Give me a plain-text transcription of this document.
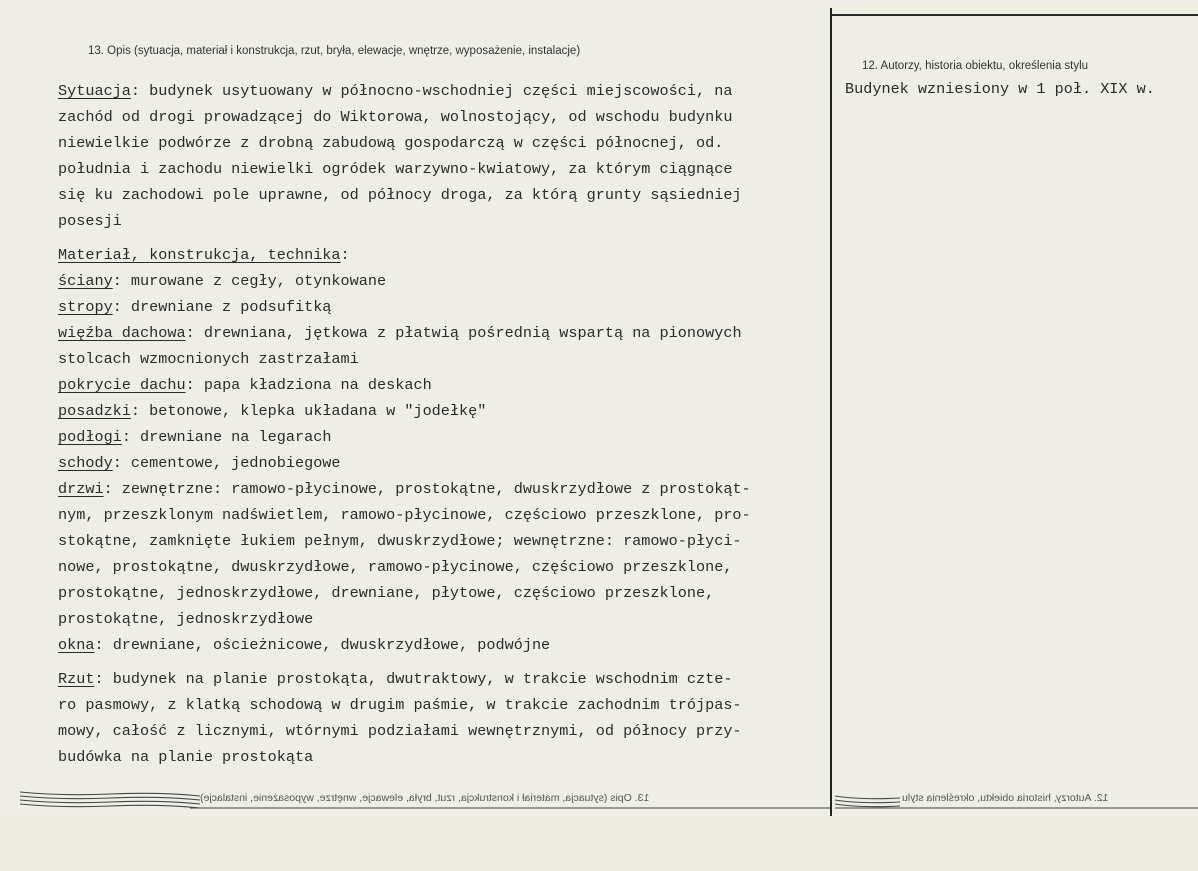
13. Opis (sytuacja, materiał i konstrukcja, rzut, bryła, elewacje, wnętrze, wyposażenie, instalacje)
12. Autorzy, historia obiektu, określenia stylu
Sytuacja: budynek usytuowany w północno-wschodniej części miejscowości, na
zachód od drogi prowadzącej do Wiktorowa, wolnostojący, od wschodu budynku
niewielkie podwórze z drobną zabudową gospodarczą w części północnej, od.
południa i zachodu niewielki ogródek warzywno-kwiatowy, za którym ciągnące
się ku zachodowi pole uprawne, od północy droga, za którą grunty sąsiedniej
posesji
Materiał, konstrukcja, technika:
ściany: murowane z cegły, otynkowane
stropy: drewniane z podsufitką
więźba dachowa: drewniana, jętkowa z płatwią pośrednią wspartą na pionowych
stolcach wzmocnionych zastrzałami
pokrycie dachu: papa kładziona na deskach
posadzki: betonowe, klepka układana w "jodełkę"
podłogi: drewniane na legarach
schody: cementowe, jednobiegowe
drzwi: zewnętrzne: ramowo-płycinowe, prostokątne, dwuskrzydłowe z prostokąt-
nym, przeszklonym nadświetlem, ramowo-płycinowe, częściowo przeszklone, pro-
stokątne, zamknięte łukiem pełnym, dwuskrzydłowe; wewnętrzne: ramowo-płyci-
nowe, prostokątne, dwuskrzydłowe, ramowo-płycinowe, częściowo przeszklone,
prostokątne, jednoskrzydłowe, drewniane, płytowe, częściowo przeszklone,
prostokątne, jednoskrzydłowe
okna: drewniane, ościeżnicowe, dwuskrzydłowe, podwójne
Rzut: budynek na planie prostokąta, dwutraktowy, w trakcie wschodnim czte-
ro pasmowy, z klatką schodową w drugim paśmie, w trakcie zachodnim trójpas-
mowy, całość z licznymi, wtórnymi podziałami wewnętrznymi, od północy przy-
budówka na planie prostokąta
Budynek wzniesiony w 1 poł. XIX w.
13. Opis (sytuacja, materiał i konstrukcja, rzut, bryła, elewacje, wnętrze, wyposażenie, instalacje)	12. Autorzy, historia obiektu, określenia stylu
